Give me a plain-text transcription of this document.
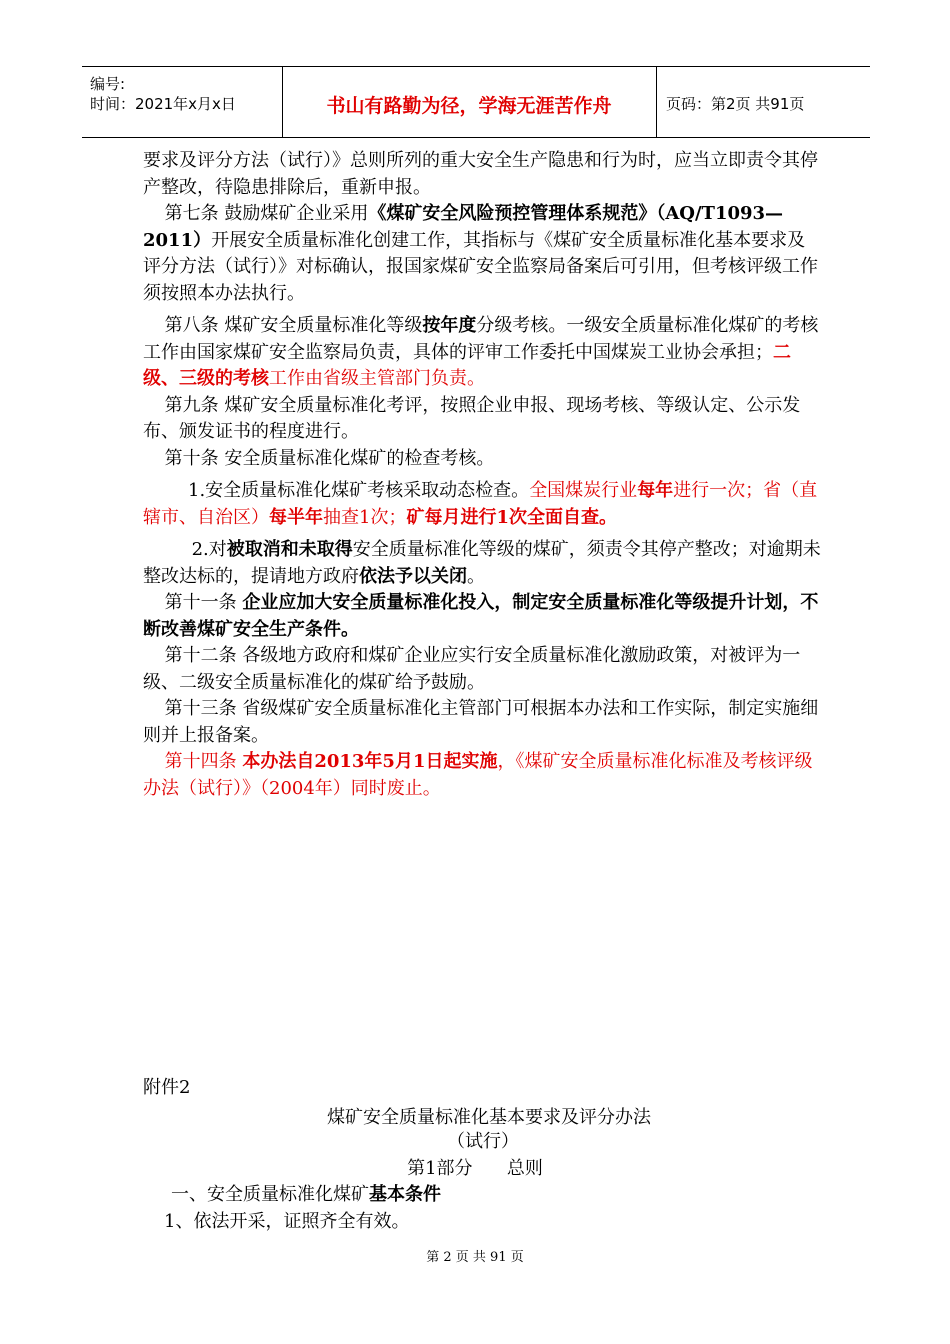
编号:
时间：2021年x月x日	书山有路勤为径，学海无涯苦作舟	页码：第2页 共91页

要求及评分方法（试行）》总则所列的重大安全生产隐患和行为时，应当立即责令其停产整改，待隐患排除后，重新申报。

第七条 鼓励煤矿企业采用《煤矿安全风险预控管理体系规范》（AQ/T1093—2011）开展安全质量标准化创建工作，其指标与《煤矿安全质量标准化基本要求及评分方法（试行）》对标确认，报国家煤矿安全监察局备案后可引用，但考核评级工作须按照本办法执行。

第八条 煤矿安全质量标准化等级按年度分级考核。一级安全质量标准化煤矿的考核工作由国家煤矿安全监察局负责，具体的评审工作委托中国煤炭工业协会承担；二级、三级的考核工作由省级主管部门负责。

第九条 煤矿安全质量标准化考评，按照企业申报、现场考核、等级认定、公示发布、颁发证书的程度进行。

第十条 安全质量标准化煤矿的检查考核。

1.安全质量标准化煤矿考核采取动态检查。全国煤炭行业每年进行一次；省（直辖市、自治区）每半年抽查1次；矿每月进行1次全面自查。

2.对被取消和未取得安全质量标准化等级的煤矿，须责令其停产整改；对逾期未整改达标的，提请地方政府依法予以关闭。

第十一条 企业应加大安全质量标准化投入，制定安全质量标准化等级提升计划，不断改善煤矿安全生产条件。

第十二条 各级地方政府和煤矿企业应实行安全质量标准化激励政策，对被评为一级、二级安全质量标准化的煤矿给予鼓励。

第十三条 省级煤矿安全质量标准化主管部门可根据本办法和工作实际，制定实施细则并上报备案。

第十四条 本办法自2013年5月1日起实施，《煤矿安全质量标准化标准及考核评级办法（试行）》（2004年）同时废止。

附件2
煤矿安全质量标准化基本要求及评分办法
（试行）
第1部分      总则
一、安全质量标准化煤矿基本条件
1、依法开采，证照齐全有效。
第 2 页 共 91 页
